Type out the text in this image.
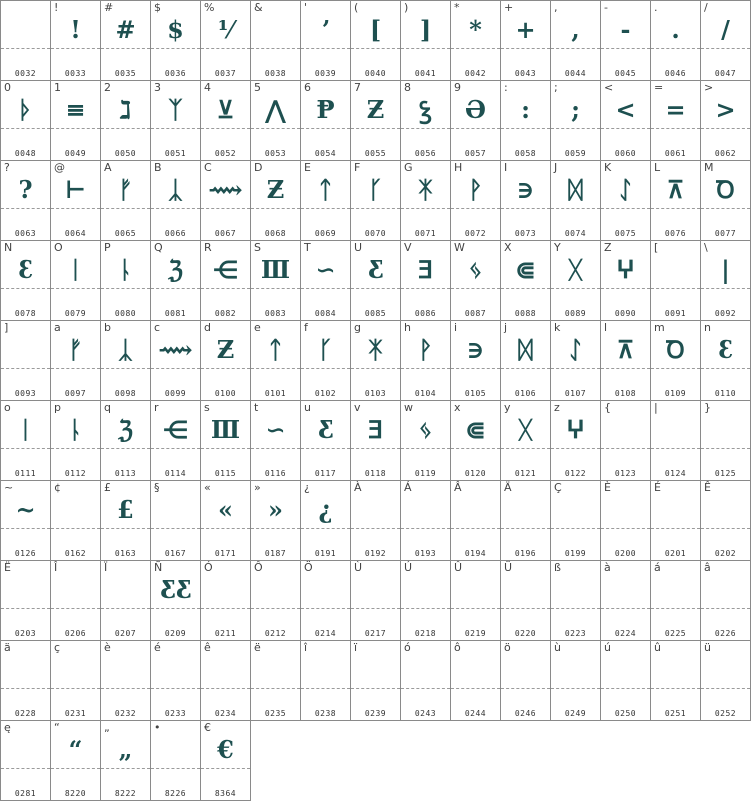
0032
!
!
0033
#
#
0035
$
$
0036
%
⅟
0037
&
0038
'
ʼ
0039
(
[
0040
)
]
0041
*
*
0042
+
+
0043
,
,
0044
-
-
0045
.
.
0046
/
/
0047
0
ᚦ
0048
1
≡
0049
2
ℷ
0050
3
ᛉ
0051
4
⊻
0052
5
⋀
0053
6
Ᵽ
0054
7
Ƶ
0055
8
ꝣ
0056
9
Ә
0057
:
:
0058
;
;
0059
<
<
0060
=
=
0061
>
>
0062
?
?
0063
@
⊢
0064
A
ᚠ
0065
B
ᛣ
0066
C
⟿
0067
D
Ƶ
0068
E
ᛏ
0069
F
ᚴ
0070
G
ᛡ
0071
H
ᚹ
0072
I
∋
0073
J
ᛞ
0074
K
ᛇ
0075
L
⊼
0076
M
Ꝺ
0077
N
ꜫ
0078
O
ᛁ
0079
P
ᚿ
0080
Q
ℨ
0081
R
⋲
0082
S
Ⅲ
0083
T
∽
0084
U
Ƹ
0085
V
ⴺ
0086
W
ᛃ
0087
X
⋐
0088
Y
ᚷ
0089
Z
ⵖ
0090
[
0091
\
|
0092
]
0093
a
ᚠ
0097
b
ᛣ
0098
c
⟿
0099
d
Ƶ
0100
e
ᛏ
0101
f
ᚴ
0102
g
ᛡ
0103
h
ᚹ
0104
i
∋
0105
j
ᛞ
0106
k
ᛇ
0107
l
⊼
0108
m
Ꝺ
0109
n
ꜫ
0110
o
ᛁ
0111
p
ᚿ
0112
q
ℨ
0113
r
⋲
0114
s
Ⅲ
0115
t
∽
0116
u
Ƹ
0117
v
ⴺ
0118
w
ᛃ
0119
x
⋐
0120
y
ᚷ
0121
z
ⵖ
0122
{
0123
|
0124
}
0125
~
~
0126
¢
0162
£
£
0163
§
0167
«
«
0171
»
»
0187
¿
¿
0191
À
0192
Á
0193
Â
0194
Ä
0196
Ç
0199
È
0200
É
0201
Ê
0202
Ë
0203
Î
0206
Ï
0207
Ñ
ƸƸ
0209
Ó
0211
Ô
0212
Ö
0214
Ù
0217
Ú
0218
Û
0219
Ü
0220
ß
0223
à
0224
á
0225
â
0226
ä
0228
ç
0231
è
0232
é
0233
ê
0234
ë
0235
î
0238
ï
0239
ó
0243
ô
0244
ö
0246
ù
0249
ú
0250
û
0251
ü
0252
ę
0281
“
“
8220
„
„
8222
•
8226
€
€
8364
